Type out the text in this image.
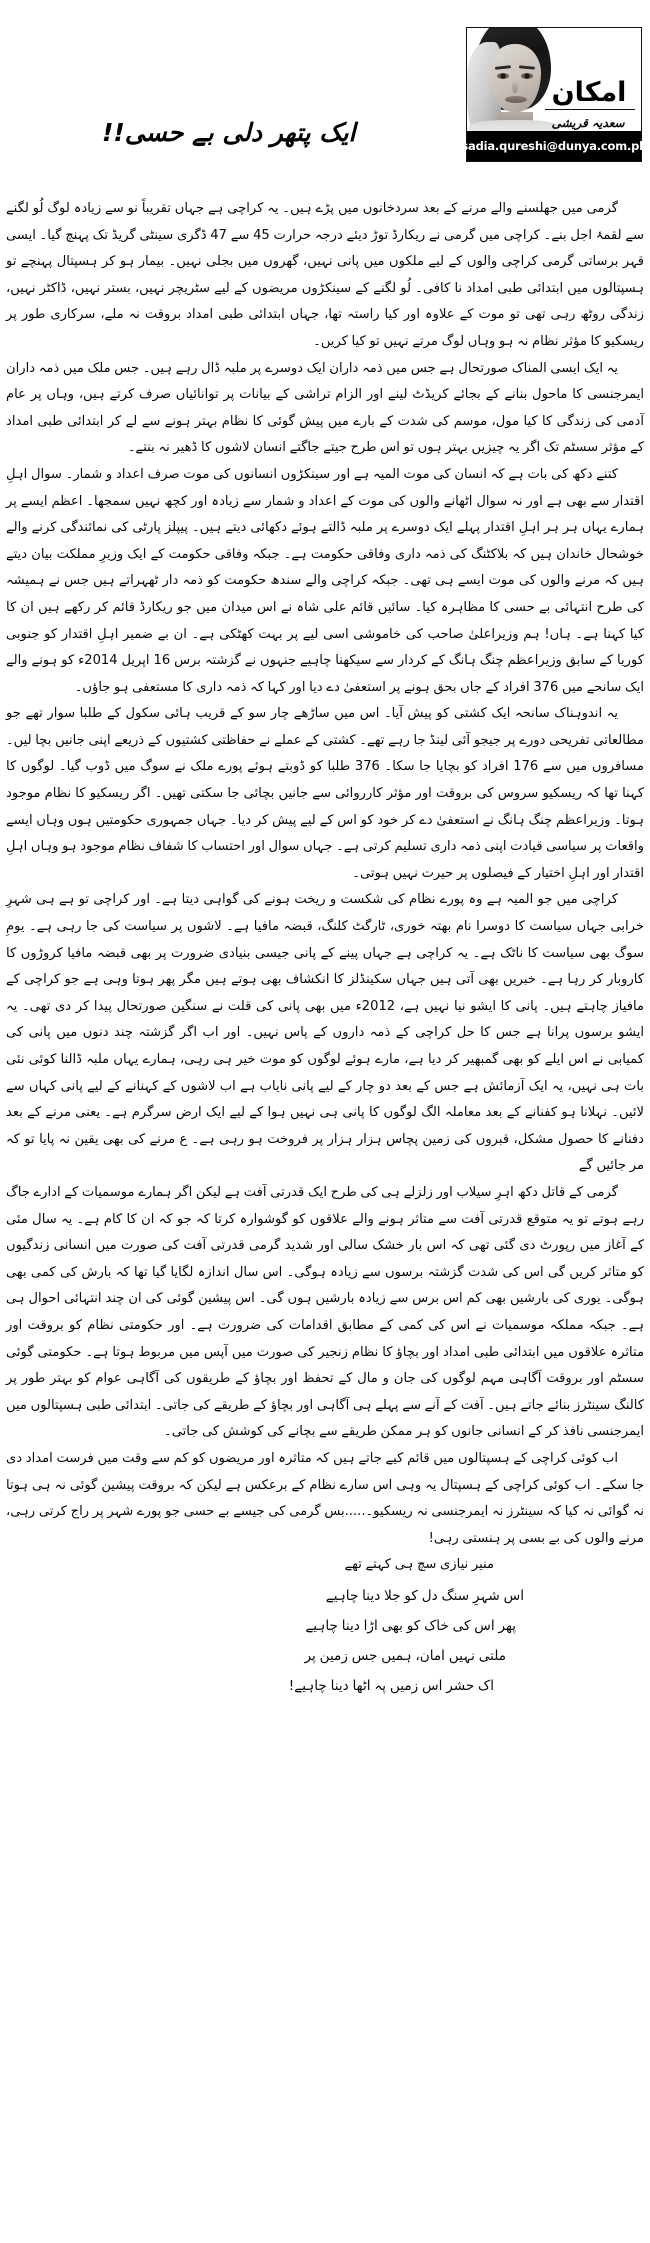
امکان
سعدیہ قریشی
sadia.qureshi@dunya.com.pk
ایک پتھر دلی بے حسی!!

گرمی میں جھلسنے والے مرنے کے بعد سردخانوں میں پڑے ہیں۔ یہ کراچی ہے جہاں تقریباً نو سے زیادہ لوگ لُو لگنے سے لقمۂ اجل بنے۔ کراچی میں گرمی نے ریکارڈ توڑ دیئے درجہ حرارت 45 سے 47 ڈگری سینٹی گریڈ تک پہنچ گیا۔ ایسی قہر برساتی گرمی کراچی والوں کے لیے ملکوں میں پانی نہیں، گھروں میں بجلی نہیں۔ بیمار ہو کر ہسپتال پہنچے تو ہسپتالوں میں ابتدائی طبی امداد نا کافی۔ لُو لگنے کے سینکڑوں مریضوں کے لیے سٹریچر نہیں، بستر نہیں، ڈاکٹر نہیں، زندگی روٹھ رہی تھی تو موت کے علاوہ اور کیا راستہ تھا، جہاں ابتدائی طبی امداد بروقت نہ ملے، سرکاری طور پر ریسکیو کا مؤثر نظام نہ ہو وہاں لوگ مرتے نہیں تو کیا کریں۔

یہ ایک ایسی المناک صورتحال ہے جس میں ذمہ داران ایک دوسرے پر ملبہ ڈال رہے ہیں۔ جس ملک میں ذمہ داران ایمرجنسی کا ماحول بنانے کے بجائے کریڈٹ لینے اور الزام تراشی کے بیانات پر توانائیاں صرف کرتے ہیں، وہاں پر عام آدمی کی زندگی کا کیا مول، موسم کی شدت کے بارے میں پیش گوئی کا نظام بہتر ہونے سے لے کر ابتدائی طبی امداد کے مؤثر سسٹم تک اگر یہ چیزیں بہتر ہوں تو اس طرح جیتے جاگتے انسان لاشوں کا ڈھیر نہ بنتے۔

کتنے دکھ کی بات ہے کہ انسان کی موت المیہ ہے اور سینکڑوں انسانوں کی موت صرف اعداد و شمار۔ سوال اہلِ اقتدار سے بھی ہے اور نہ سوال اٹھانے والوں کی موت کے اعداد و شمار سے زیادہ اور کچھ نہیں سمجھا۔ اعظم ایسے پر ہمارے یہاں ہر ہر اہلِ اقتدار پہلے ایک دوسرے پر ملبہ ڈالتے ہوئے دکھائی دیتے ہیں۔ پیپلز پارٹی کی نمائندگی کرنے والے خوشحال خاندان ہیں کہ بلاکٹنگ کی ذمہ داری وفاقی حکومت ہے۔ جبکہ وفاقی حکومت کے ایک وزیرِ مملکت بیان دیتے ہیں کہ مرنے والوں کی موت ایسے ہی تھی۔ جبکہ کراچی والے سندھ حکومت کو ذمہ دار ٹھہراتے ہیں جس نے ہمیشہ کی طرح انتہائی بے حسی کا مظاہرہ کیا۔ سائیں قائم علی شاہ نے اس میدان میں جو ریکارڈ قائم کر رکھے ہیں ان کا کیا کہنا ہے۔ ہاں! ہم وزیراعلیٰ صاحب کی خاموشی اسی لیے پر بہت کھٹکی ہے۔ ان بے ضمیر اہلِ اقتدار کو جنوبی کوریا کے سابق وزیراعظم چنگ ہانگ کے کردار سے سیکھنا چاہیے جنہوں نے گزشتہ برس 16 اپریل 2014ء کو ہونے والے ایک سانحے میں 376 افراد کے جاں بحق ہونے پر استعفیٰ دے دیا اور کہا کہ ذمہ داری کا مستعفی ہو جاؤں۔

یہ اندوہناک سانحہ ایک کشتی کو پیش آیا۔ اس میں ساڑھے چار سو کے قریب ہائی سکول کے طلبا سوار تھے جو مطالعاتی تفریحی دورے پر جیجو آئی لینڈ جا رہے تھے۔ کشتی کے عملے نے حفاظتی کشتیوں کے ذریعے اپنی جانیں بچا لیں۔ مسافروں میں سے 176 افراد کو بچایا جا سکا۔ 376 طلبا کو ڈوبتے ہوئے پورے ملک نے سوگ میں ڈوب گیا۔ لوگوں کا کہنا تھا کہ ریسکیو سروس کی بروقت اور مؤثر کارروائی سے جانیں بچائی جا سکتی تھیں۔ اگر ریسکیو کا نظام موجود ہوتا۔ وزیراعظم چنگ ہانگ نے استعفیٰ دے کر خود کو اس کے لیے پیش کر دیا۔ جہاں جمہوری حکومتیں ہوں وہاں ایسے واقعات پر سیاسی قیادت اپنی ذمہ داری تسلیم کرتی ہے۔ جہاں سوال اور احتساب کا شفاف نظام موجود ہو وہاں اہلِ اقتدار اور اہلِ اختیار کے فیصلوں پر حیرت نہیں ہوتی۔

کراچی میں جو المیہ ہے وہ پورے نظام کی شکست و ریخت ہونے کی گواہی دیتا ہے۔ اور کراچی تو ہے ہی شہرِ خرابی جہاں سیاست کا دوسرا نام بھتہ خوری، ٹارگٹ کلنگ، قبضہ مافیا ہے۔ لاشوں پر سیاست کی جا رہی ہے۔ یومِ سوگ بھی سیاست کا ناٹک ہے۔ یہ کراچی ہے جہاں پینے کے پانی جیسی بنیادی ضرورت پر بھی قبضہ مافیا کروڑوں کا کاروبار کر رہا ہے۔ خبریں بھی آتی ہیں جہاں سکینڈلز کا انکشاف بھی ہوتے ہیں مگر پھر ہوتا وہی ہے جو کراچی کے مافیاز چاہتے ہیں۔ پانی کا ایشو نیا نہیں ہے، 2012ء میں بھی پانی کی قلت نے سنگین صورتحال پیدا کر دی تھی۔ یہ ایشو برسوں پرانا ہے جس کا حل کراچی کے ذمہ داروں کے پاس نہیں۔ اور اب اگر گزشتہ چند دنوں میں پانی کی کمیابی نے اس ایلے کو بھی گمبھیر کر دیا ہے، مارے ہوئے لوگوں کو موت خیر ہی رہی، ہمارے یہاں ملبہ ڈالنا کوئی نئی بات ہی نہیں، یہ ایک آزمائش ہے جس کے بعد دو چار کے لیے پانی نایاب ہے اب لاشوں کے کہنانے کے لیے پانی کہاں سے لائیں۔ نہلانا ہو کفنانے کے بعد معاملہ الگ لوگوں کا پانی ہی نہیں ہوا کے لیے ایک ارض سرگرم ہے۔ یعنی مرنے کے بعد دفنانے کا حصول مشکل، قبروں کی زمین پچاس ہزار ہزار پر فروخت ہو رہی ہے۔ ع مرنے کی بھی یقین نہ پایا تو کہ مر جائیں گے

گرمی کے قاتل دکھ اہرِ سیلاب اور زلزلے ہی کی طرح ایک قدرتی آفت ہے لیکن اگر ہمارے موسمیات کے ادارے جاگ رہے ہوتے تو یہ متوقع قدرتی آفت سے متاثر ہونے والے علاقوں کو گوشوارہ کرتا کہ جو کہ ان کا کام ہے۔ یہ سال مئی کے آغاز میں رپورٹ دی گئی تھی کہ اس بار خشک سالی اور شدید گرمی قدرتی آفت کی صورت میں انسانی زندگیوں کو متاثر کریں گی اس کی شدت گزشتہ برسوں سے زیادہ ہوگی۔ اس سال اندازہ لگایا گیا تھا کہ بارش کی کمی بھی ہوگی۔ یوری کی بارشیں بھی کم اس برس سے زیادہ بارشیں ہوں گی۔ اس پیشین گوئی کی ان چند انتہائی احوال ہی ہے۔ جبکہ مملکہ موسمیات نے اس کی کمی کے مطابق اقدامات کی ضرورت ہے۔ اور حکومتی نظام کو بروقت اور متاثرہ علاقوں میں ابتدائی طبی امداد اور بچاؤ کا نظام زنجیر کی صورت میں آپس میں مربوط ہوتا ہے۔ حکومتی گوئی سسٹم اور بروقت آگاہی مہم لوگوں کی جان و مال کے تحفظ اور بچاؤ کے طریقوں کی آگاہی عوام کو بہتر طور پر کالنگ سینٹرز بنائے جاتے ہیں۔ آفت کے آنے سے پہلے ہی آگاہی اور بچاؤ کے طریقے کی جاتی۔ ابتدائی طبی ہسپتالوں میں ایمرجنسی نافذ کر کے انسانی جانوں کو ہر ممکن طریقے سے بچانے کی کوشش کی جاتی۔

اب کوئی کراچی کے ہسپتالوں میں قائم کیے جاتے ہیں کہ متاثرہ اور مریضوں کو کم سے وقت میں فرست امداد دی جا سکے۔ اب کوئی کراچی کے ہسپتال یہ وہی اس سارے نظام کے برعکس ہے لیکن کہ بروقت پیشین گوئی نہ ہی ہوتا نہ گوائی نہ کیا کہ سینٹرز نہ ایمرجنسی نہ ریسکیو۔.....بس گرمی کی جیسے بے حسی جو پورے شہر پر راج کرتی رہی، مرنے والوں کی بے بسی پر ہنستی رہی!

منیر نیازی سچ ہی کہتے تھے

اس شہرِ سنگ دل کو جلا دینا چاہیے
پھر اس کی خاک کو بھی اڑا دینا چاہیے
ملتی نہیں امان، ہمیں جس زمین پر
اک حشر اس زمیں پہ اٹھا دینا چاہیے!
